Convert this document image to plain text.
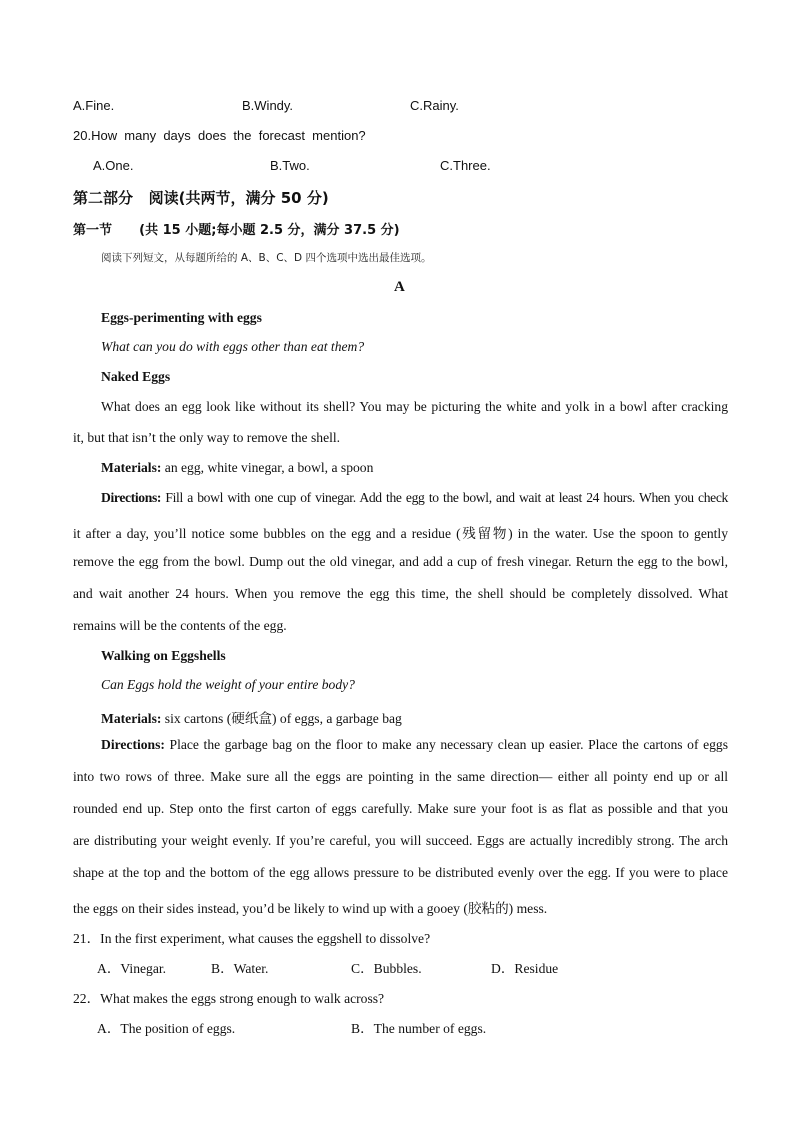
A.Fine.	B.Windy.	C.Rainy.
20.How  many  days  does  the  forecast  mention?
A.One.	B.Two.	C.Three.
第二部分   阅读(共两节，满分 50 分)
第一节      (共 15 小题;每小题 2.5 分，满分 37.5 分)
阅读下列短文，从每题所给的 A、B、C、D 四个选项中选出最佳选项。
A
Eggs-perimenting with eggs
What can you do with eggs other than eat them?
Naked Eggs
What does an egg look like without its shell? You may be picturing the white and yolk in a bowl after cracking
it, but that isn’t the only way to remove the shell.
Materials: an egg, white vinegar, a bowl, a spoon
Directions: Fill a bowl with one cup of vinegar. Add the egg to the bowl, and wait at least 24 hours. When you check
it after a day, you’ll notice some bubbles on the egg and a residue (残留物) in the water. Use the spoon to gently
remove the egg from the bowl. Dump out the old vinegar, and add a cup of fresh vinegar. Return the egg to the bowl,
and wait another 24 hours. When you remove the egg this time, the shell should be completely dissolved. What
remains will be the contents of the egg.
Walking on Eggshells
Can Eggs hold the weight of your entire body?
Materials: six cartons (硬纸盒) of eggs, a garbage bag
Directions: Place the garbage bag on the floor to make any necessary clean up easier. Place the cartons of eggs
into two rows of three. Make sure all the eggs are pointing in the same direction— either all pointy end up or all
rounded end up. Step onto the first carton of eggs carefully. Make sure your foot is as flat as possible and that you
are distributing your weight evenly. If you’re careful, you will succeed. Eggs are actually incredibly strong. The arch
shape at the top and the bottom of the egg allows pressure to be distributed evenly over the egg. If you were to place
the eggs on their sides instead, you’d be likely to wind up with a gooey (胶粘的) mess.
21．In the first experiment, what causes the eggshell to dissolve?
A．Vinegar.	B．Water.	C．Bubbles.	D．Residue
22．What makes the eggs strong enough to walk across?
A．The position of eggs.	B．The number of eggs.
